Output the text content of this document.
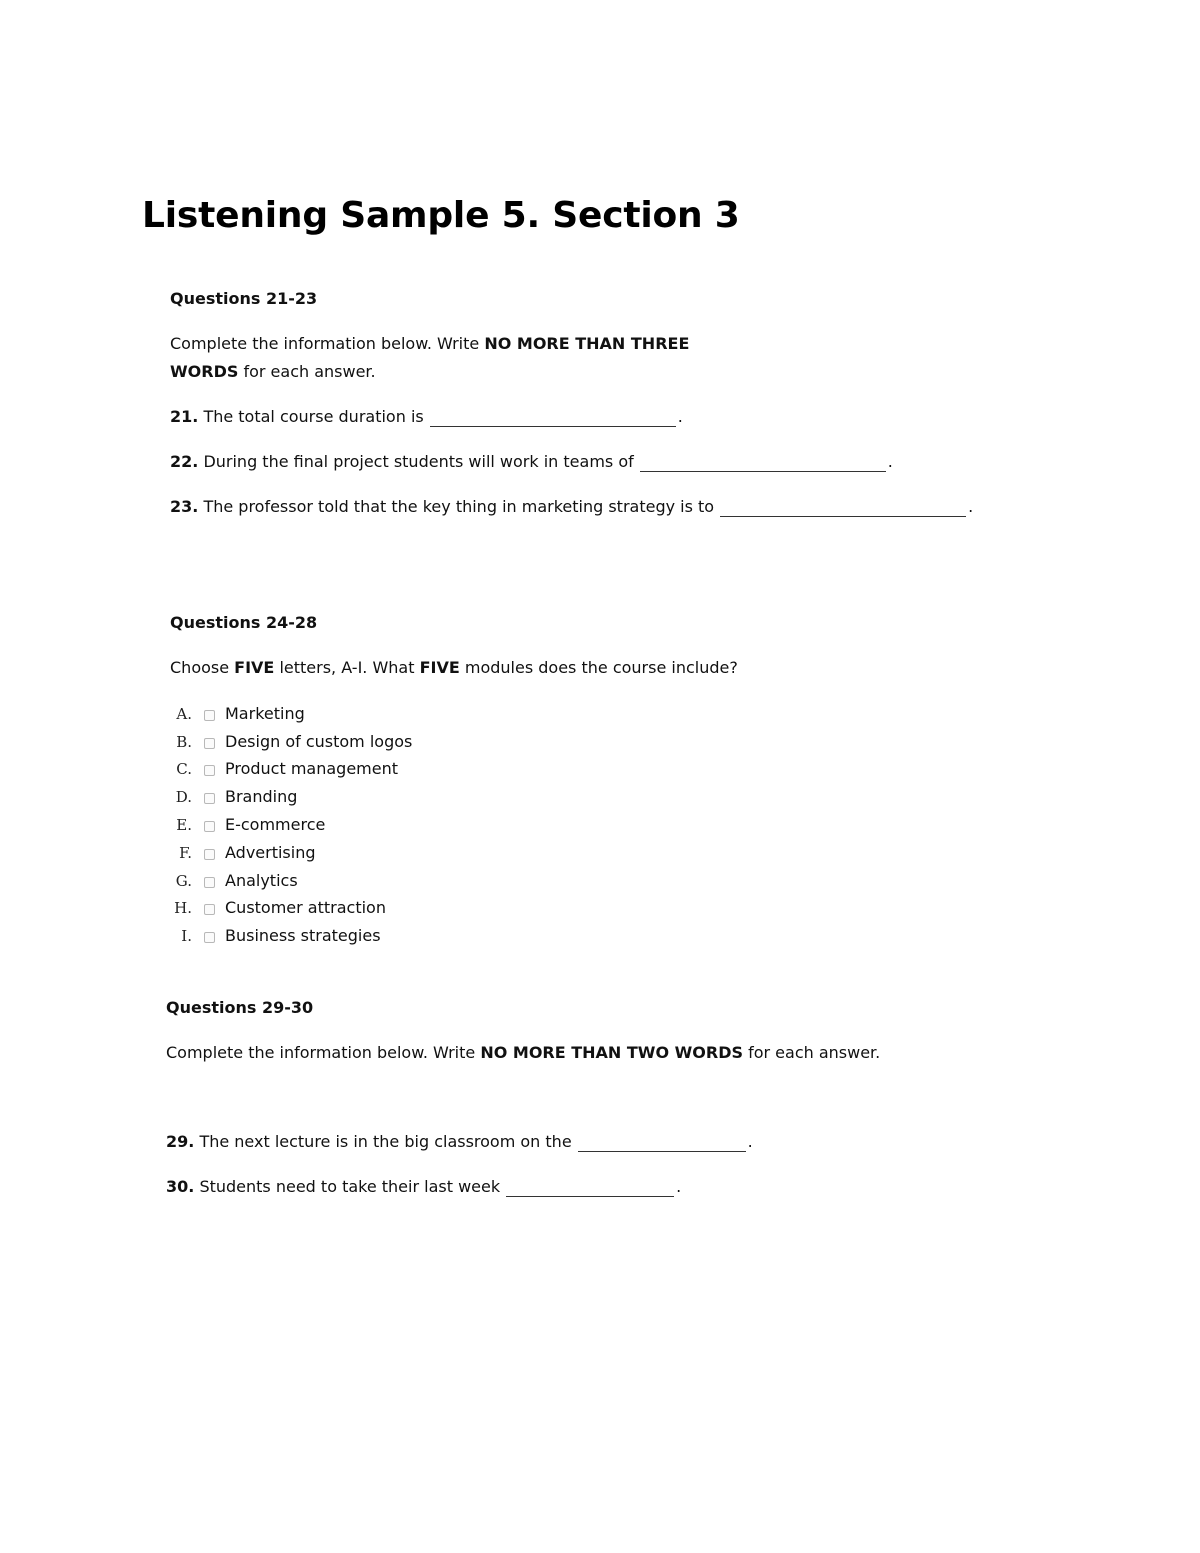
Listening Sample 5. Section 3

Questions 21-23

Complete the information below. Write NO MORE THAN THREE WORDS for each answer.

21. The total course duration is	.

22. During the final project students will work in teams of	.

23. The professor told that the key thing in marketing strategy is to	.

Questions 24-28

Choose FIVE letters, A-I. What FIVE modules does the course include?

A.	Marketing
B.	Design of custom logos
C.	Product management
D.	Branding
E.	E-commerce
F.	Advertising
G.	Analytics
H.	Customer attraction
I.	Business strategies

Questions 29-30

Complete the information below. Write NO MORE THAN TWO WORDS for each answer.

29. The next lecture is in the big classroom on the	.

30. Students need to take their last week	.
